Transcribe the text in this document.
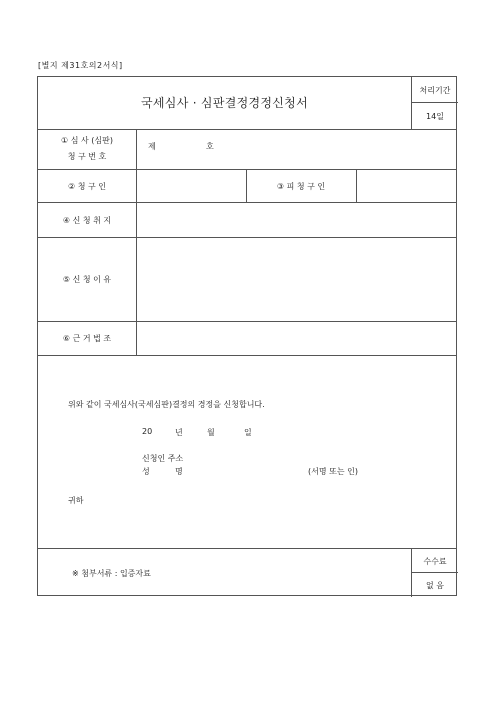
[별지 제31호의2서식]
국세심사 · 심판결정경정신청서
처리기간
14일
① 심 사 (심판)
청 구 번 호
제	호
② 청 구 인	③ 피 청 구 인
④ 신 청 취 지
⑤ 신 청 이 유
⑥ 근 거 법 조
위와 같이 국세심사(국세심판)결정의 경정을 신청합니다.
20	년	월	일
신청인 주소
성	명	(서명 또는 인)
귀하
※ 첨부서류 : 입증자료
수수료
없 음
